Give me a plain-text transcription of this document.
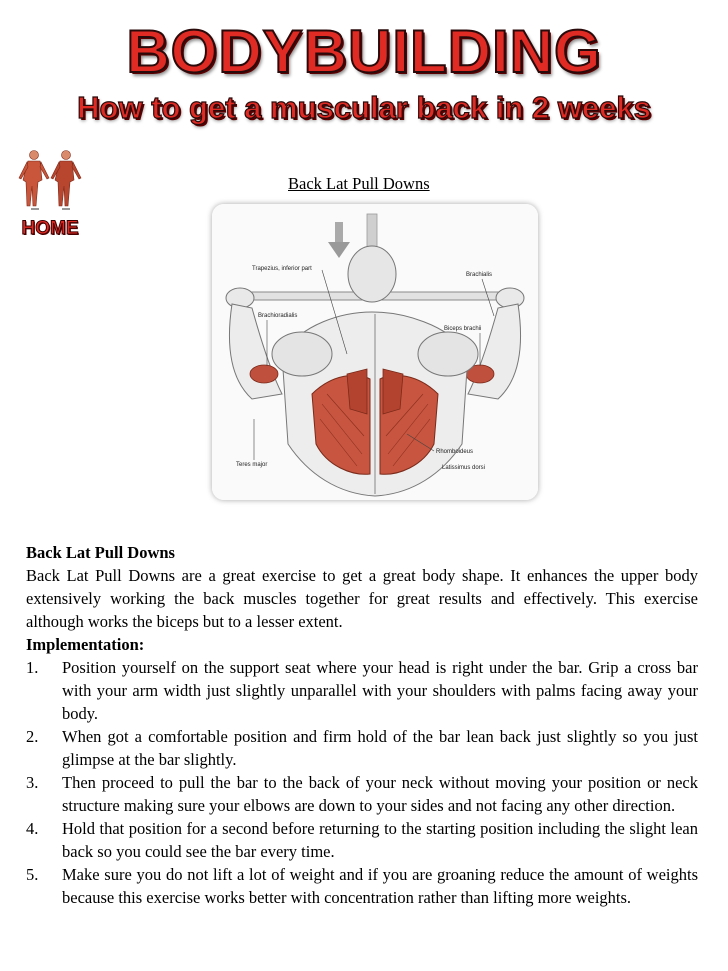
BODYBUILDING
How to get a muscular back in 2 weeks
HOME
Back Lat Pull Downs
Trapezius, inferior part
Brachialis
Brachioradialis
Biceps brachii
Teres major
Rhomboideus
Latissimus dorsi

Back Lat Pull Downs

Back Lat Pull Downs are a great exercise to get a great body shape. It enhances the upper body extensively working the back muscles together for great results and effectively. This exercise although works the biceps but to a lesser extent.

Implementation:

1. Position yourself on the support seat where your head is right under the bar. Grip a cross bar with your arm width just slightly unparallel with your shoulders with palms facing away your body.
2. When got a comfortable position and firm hold of the bar lean back just slightly so you just glimpse at the bar slightly.
3. Then proceed to pull the bar to the back of your neck without moving your position or neck structure making sure your elbows are down to your sides and not facing any other direction.
4. Hold that position for a second before returning to the starting position including the slight lean back so you could see the bar every time.
5. Make sure you do not lift a lot of weight and if you are groaning reduce the amount of weights because this exercise works better with concentration rather than lifting more weights.
